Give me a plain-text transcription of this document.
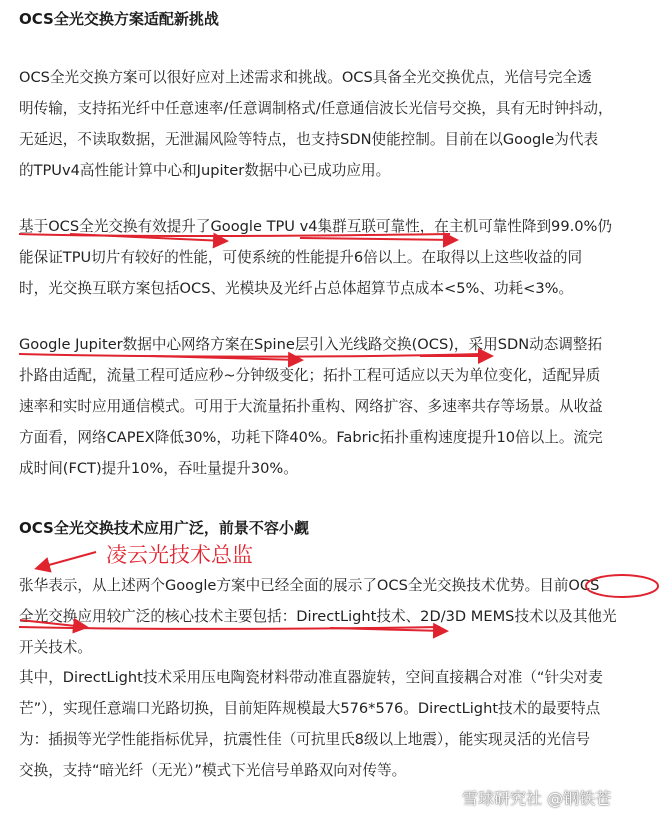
OCS全光交换方案适配新挑战
OCS全光交换方案可以很好应对上述需求和挑战。OCS具备全光交换优点，光信号完全透
明传输，支持拓光纤中任意速率/任意调制格式/任意通信波长光信号交换，具有无时钟抖动，
无延迟，不读取数据，无泄漏风险等特点，也支持SDN使能控制。目前在以Google为代表
的TPUv4高性能计算中心和Jupiter数据中心已成功应用。
基于OCS全光交换有效提升了Google TPU v4集群互联可靠性，在主机可靠性降到99.0%仍
能保证TPU切片有较好的性能，可使系统的性能提升6倍以上。在取得以上这些收益的同
时，光交换互联方案包括OCS、光模块及光纤占总体超算节点成本<5%、功耗<3%。
Google Jupiter数据中心网络方案在Spine层引入光线路交换(OCS)，采用SDN动态调整拓
扑路由适配，流量工程可适应秒~分钟级变化；拓扑工程可适应以天为单位变化，适配异质
速率和实时应用通信模式。可用于大流量拓扑重构、网络扩容、多速率共存等场景。从收益
方面看，网络CAPEX降低30%，功耗下降40%。Fabric拓扑重构速度提升10倍以上。流完
成时间(FCT)提升10%，吞吐量提升30%。
OCS全光交换技术应用广泛，前景不容小觑
凌云光技术总监
张华表示，从上述两个Google方案中已经全面的展示了OCS全光交换技术优势。目前OCS
全光交换应用较广泛的核心技术主要包括：DirectLight技术、2D/3D MEMS技术以及其他光
开关技术。
其中，DirectLight技术采用压电陶瓷材料带动准直器旋转，空间直接耦合对准（“针尖对麦
芒”），实现任意端口光路切换，目前矩阵规模最大576*576。DirectLight技术的最要特点
为：插损等光学性能指标优异，抗震性佳（可抗里氏8级以上地震），能实现灵活的光信号
交换，支持“暗光纤（无光）”模式下光信号单路双向对传等。
雪球研究社 @钢铁苍
